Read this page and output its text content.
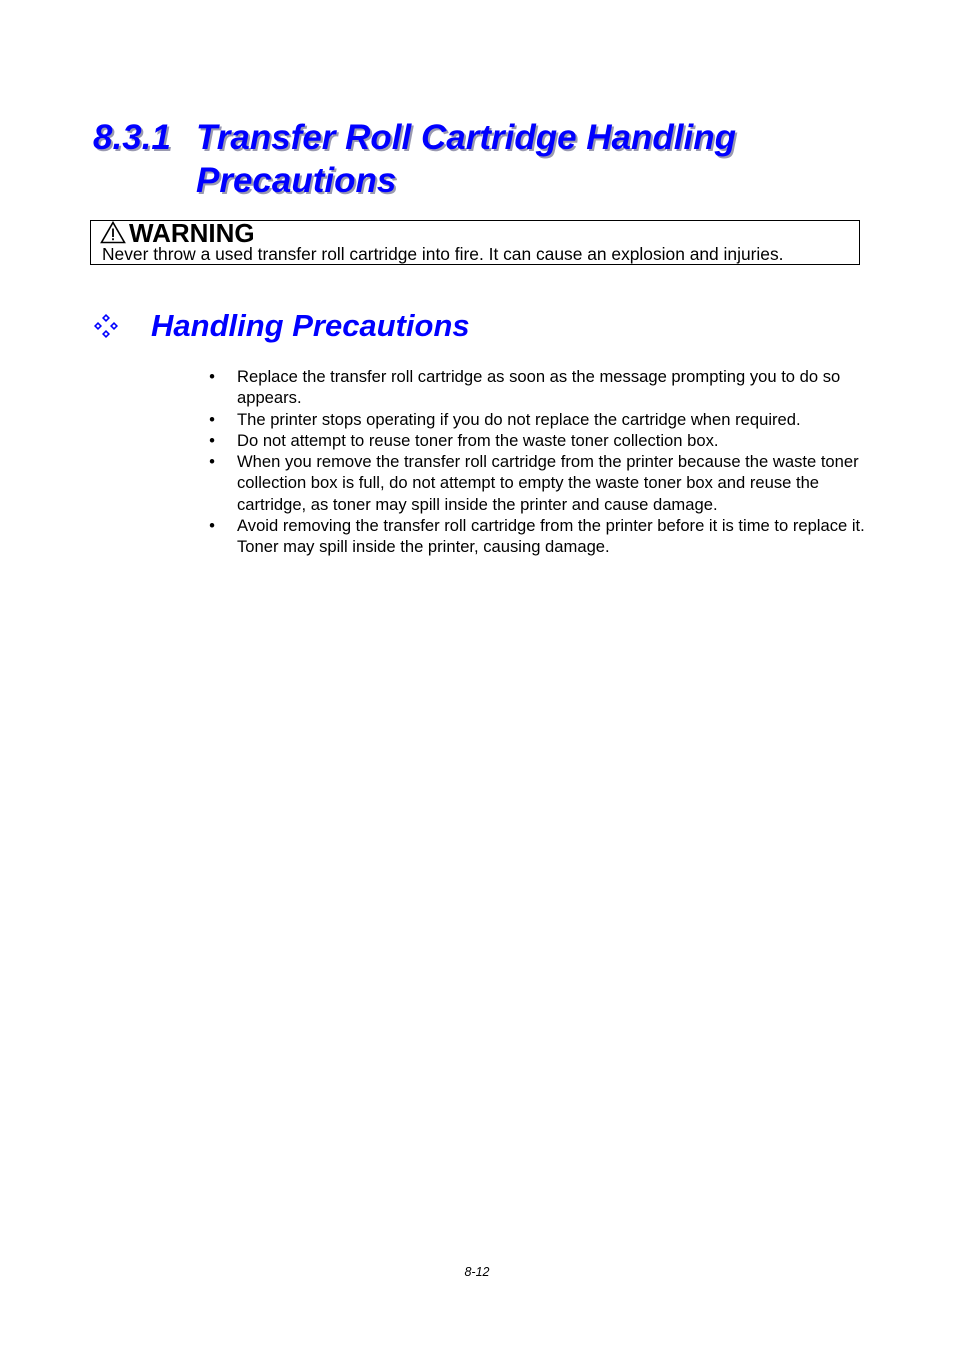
8.3.1 Transfer Roll Cartridge Handling
Precautions
WARNING
Never throw a used transfer roll cartridge into fire. It can cause an explosion and injuries.
Handling Precautions
• Replace the transfer roll cartridge as soon as the message prompting you to do so appears.
• The printer stops operating if you do not replace the cartridge when required.
• Do not attempt to reuse toner from the waste toner collection box.
• When you remove the transfer roll cartridge from the printer because the waste toner collection box is full, do not attempt to empty the waste toner box and reuse the cartridge, as toner may spill inside the printer and cause damage.
• Avoid removing the transfer roll cartridge from the printer before it is time to replace it. Toner may spill inside the printer, causing damage.
8-12
